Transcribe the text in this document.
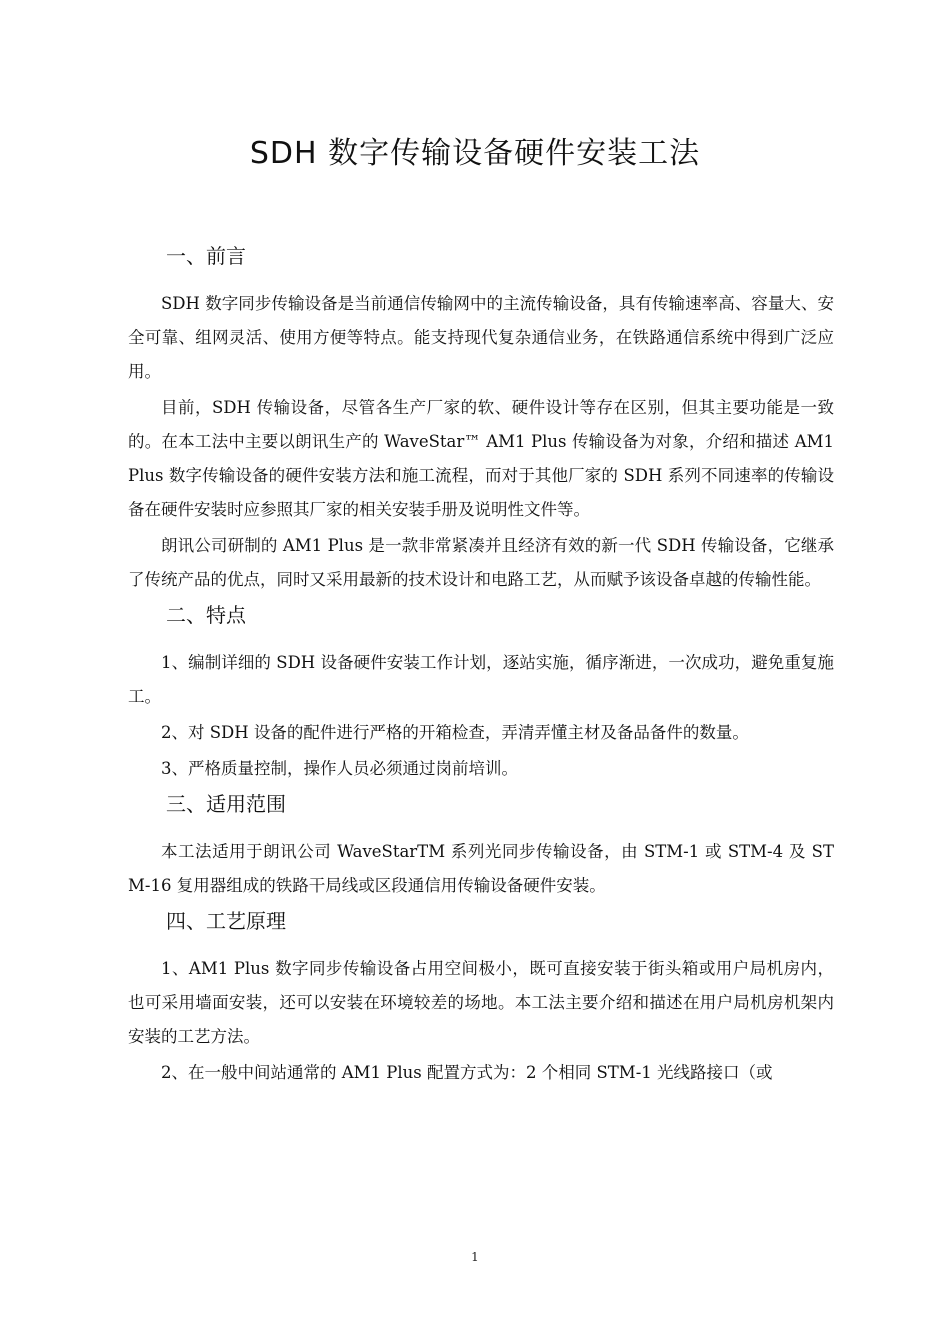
SDH 数字传输设备硬件安装工法
一、前言

SDH 数字同步传输设备是当前通信传输网中的主流传输设备，具有传输速率高、容量大、安全可靠、组网灵活、使用方便等特点。能支持现代复杂通信业务，在铁路通信系统中得到广泛应用。

目前，SDH 传输设备，尽管各生产厂家的软、硬件设计等存在区别，但其主要功能是一致的。在本工法中主要以朗讯生产的 WaveStar™ AM1 Plus 传输设备为对象，介绍和描述 AM1 Plus 数字传输设备的硬件安装方法和施工流程，而对于其他厂家的 SDH 系列不同速率的传输设备在硬件安装时应参照其厂家的相关安装手册及说明性文件等。

朗讯公司研制的 AM1 Plus 是一款非常紧凑并且经济有效的新一代 SDH 传输设备，它继承了传统产品的优点，同时又采用最新的技术设计和电路工艺，从而赋予该设备卓越的传输性能。

二、特点

1、编制详细的 SDH 设备硬件安装工作计划，逐站实施，循序渐进，一次成功，避免重复施工。

2、对 SDH 设备的配件进行严格的开箱检查，弄清弄懂主材及备品备件的数量。

3、严格质量控制，操作人员必须通过岗前培训。

三、适用范围

本工法适用于朗讯公司 WaveStarTM 系列光同步传输设备，由 STM-1 或 STM-4 及 STM-16 复用器组成的铁路干局线或区段通信用传输设备硬件安装。

四、工艺原理

1、AM1 Plus 数字同步传输设备占用空间极小，既可直接安装于街头箱或用户局机房内，也可采用墙面安装，还可以安装在环境较差的场地。本工法主要介绍和描述在用户局机房机架内安装的工艺方法。

2、在一般中间站通常的 AM1 Plus 配置方式为：2 个相同 STM-1 光线路接口（或

1
